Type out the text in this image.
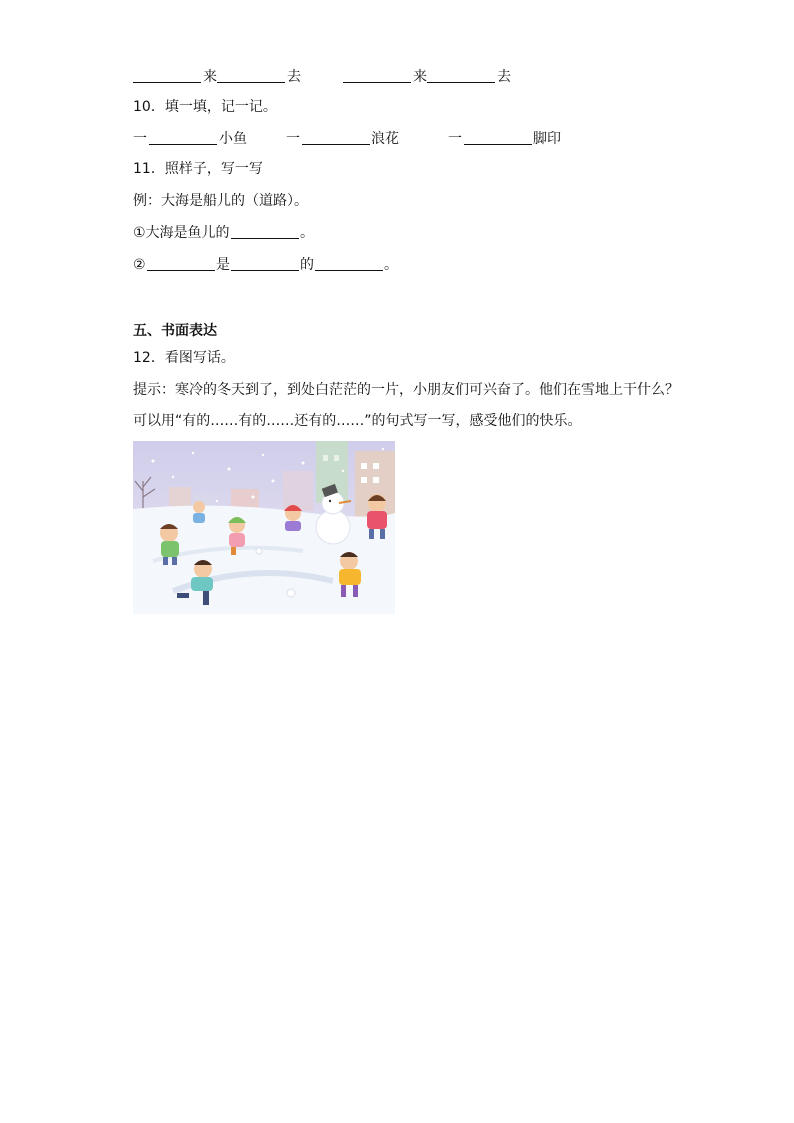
来	去	来	去
10．填一填，记一记。
一	小鱼	一	浪花	一	脚印
11．照样子，写一写
例：大海是船儿的（道路）。
①大海是鱼儿的	。
②	是	的	。
五、书面表达
12．看图写话。
提示：寒冷的冬天到了，到处白茫茫的一片，小朋友们可兴奋了。他们在雪地上干什么？
可以用“有的……有的……还有的……”的句式写一写，感受他们的快乐。
